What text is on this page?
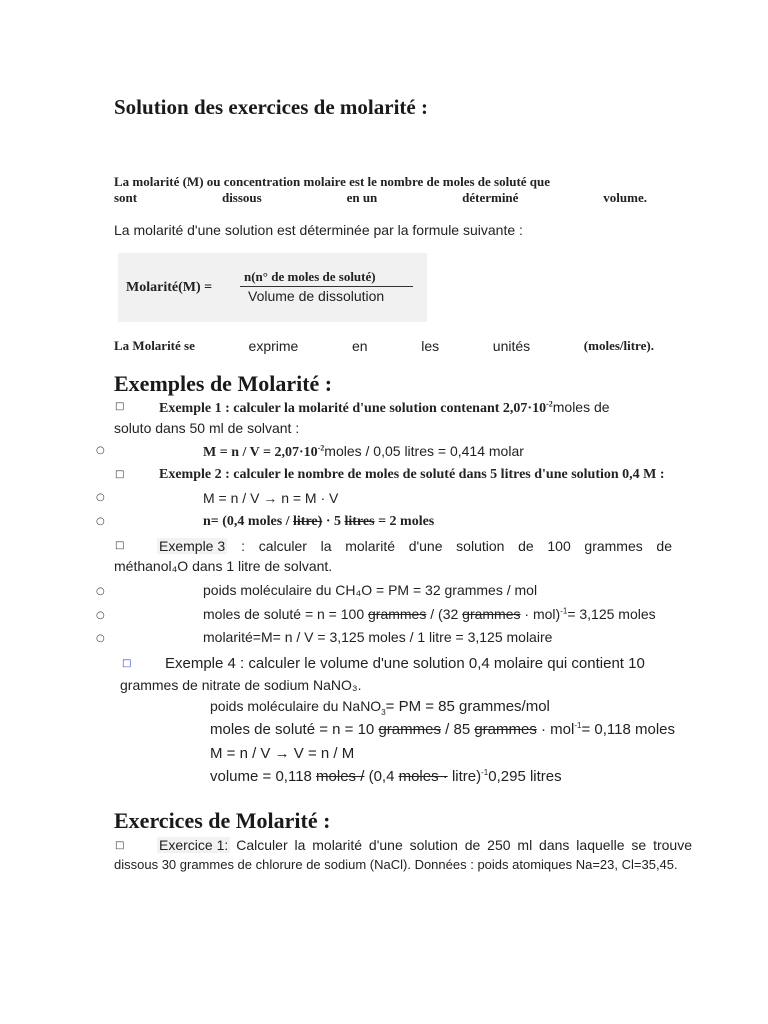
Solution des exercices de molarité :
La molarité (M) ou concentration molaire est le nombre de moles de soluté que
sont	dissous	en un	déterminé	volume.
La molarité d'une solution est déterminée par la formule suivante :
Molarité(M) =
n(n° de moles de soluté)
Volume de dissolution
La Molarité se	exprime	en	les	unités	(moles/litre).
Exemples de Molarité :
□ Exemple 1 : calculer la molarité d'une solution contenant $2,07\cdot 10^{-2}moles$ de
soluto dans 50 ml de solvant :
○	$M = n / V = 2,07\cdot 10^{-2}moles / 0,05$ litres = 0,414 molar
□ Exemple 2 : calculer le nombre de moles de soluté dans 5 litres d'une solution 0,4 M :
○	M = n / V → n = M · V
○	n= (0,4 moles / litre) · 5 litres = 2 moles
□ Exemple 3 : calculer la molarité d'une solution de 100 grammes de
méthanol₄O dans 1 litre de solvant.
○	poids moléculaire du CH₄O = PM = 32 grammes / mol
○	moles de soluté = n = 100 grammes / (32 grammes · mol)$^{-1}$= 3,125 moles
○	molarité=M= n / V = 3,125 moles / 1 litre = 3,125 molaire
□ Exemple 4 : calculer le volume d'une solution 0,4 molaire qui contient 10
grammes de nitrate de sodium NaNO₃.
poids moléculaire du NaNO$_3$= PM = 85 grammes/mol
moles de soluté = n = 10 grammes / 85 grammes · mol$^{-1}$= 0,118 moles
M = n / V → V = n / M
volume = 0,118 moles / (0,4 moles · litre)$^{-1}$0,295 litres
Exercices de Molarité :
□ Exercice 1: Calculer la molarité d'une solution de 250 ml dans laquelle se trouve
dissous 30 grammes de chlorure de sodium (NaCl). Données : poids atomiques Na=23, Cl=35,45.
